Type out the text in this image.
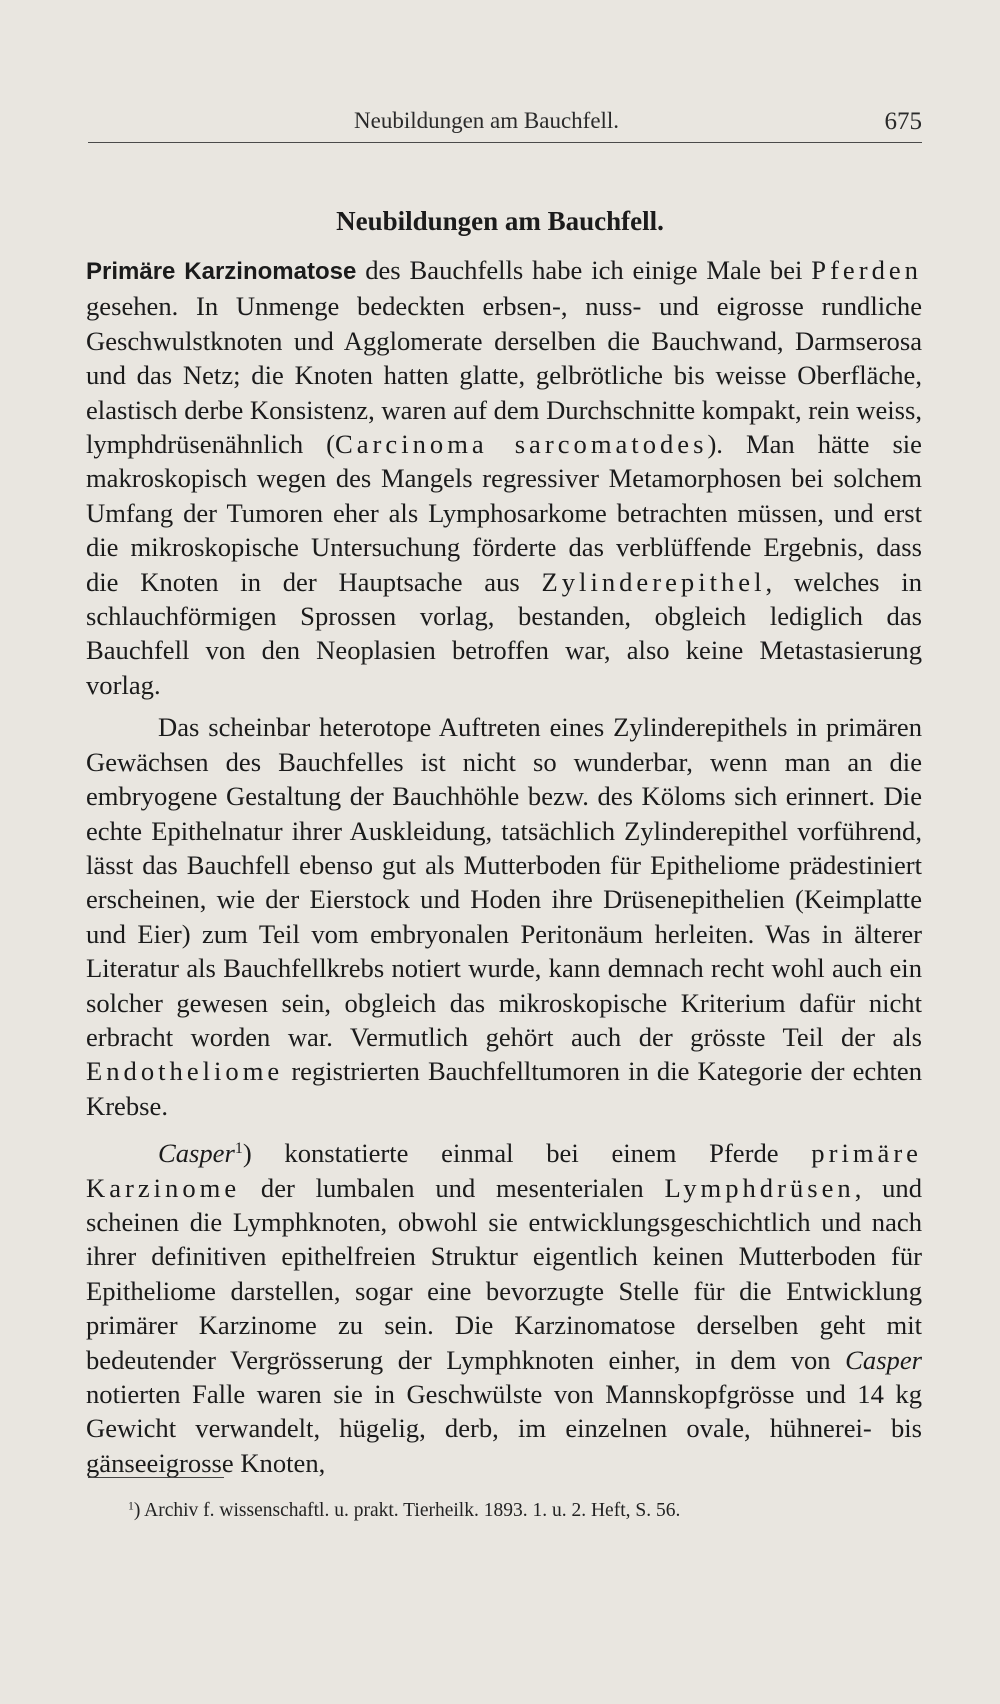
Neubildungen am Bauchfell.	675
Neubildungen am Bauchfell.

Primäre Karzinomatose des Bauchfells habe ich einige Male bei Pferden gesehen. In Unmenge bedeckten erbsen-, nuss- und eigrosse rundliche Geschwulstknoten und Agglomerate derselben die Bauchwand, Darmserosa und das Netz; die Knoten hatten glatte, gelbrötliche bis weisse Oberfläche, elastisch derbe Konsistenz, waren auf dem Durchschnitte kompakt, rein weiss, lymphdrüsenähnlich (Carcinoma sarcomatodes). Man hätte sie makroskopisch wegen des Mangels regressiver Metamorphosen bei solchem Umfang der Tumoren eher als Lymphosarkome betrachten müssen, und erst die mikroskopische Untersuchung förderte das verblüffende Ergebnis, dass die Knoten in der Hauptsache aus Zylinderepithel, welches in schlauchförmigen Sprossen vorlag, bestanden, obgleich lediglich das Bauchfell von den Neoplasien betroffen war, also keine Metastasierung vorlag.

Das scheinbar heterotope Auftreten eines Zylinderepithels in primären Gewächsen des Bauchfelles ist nicht so wunderbar, wenn man an die embryogene Gestaltung der Bauchhöhle bezw. des Köloms sich erinnert. Die echte Epithelnatur ihrer Auskleidung, tatsächlich Zylinderepithel vorführend, lässt das Bauchfell ebenso gut als Mutterboden für Epitheliome prädestiniert erscheinen, wie der Eierstock und Hoden ihre Drüsenepithelien (Keimplatte und Eier) zum Teil vom embryonalen Peritonäum herleiten. Was in älterer Literatur als Bauchfellkrebs notiert wurde, kann demnach recht wohl auch ein solcher gewesen sein, obgleich das mikroskopische Kriterium dafür nicht erbracht worden war. Vermutlich gehört auch der grösste Teil der als Endotheliome registrierten Bauchfelltumoren in die Kategorie der echten Krebse.

Casper$^1$) konstatierte einmal bei einem Pferde primäre Karzinome der lumbalen und mesenterialen Lymphdrüsen, und scheinen die Lymphknoten, obwohl sie entwicklungsgeschichtlich und nach ihrer definitiven epithelfreien Struktur eigentlich keinen Mutterboden für Epitheliome darstellen, sogar eine bevorzugte Stelle für die Entwicklung primärer Karzinome zu sein. Die Karzinomatose derselben geht mit bedeutender Vergrösserung der Lymphknoten einher, in dem von Casper notierten Falle waren sie in Geschwülste von Mannskopfgrösse und 14 kg Gewicht verwandelt, hügelig, derb, im einzelnen ovale, hühnerei- bis gänseeigrosse Knoten,

$^1$) Archiv f. wissenschaftl. u. prakt. Tierheilk. 1893. 1. u. 2. Heft, S. 56.
